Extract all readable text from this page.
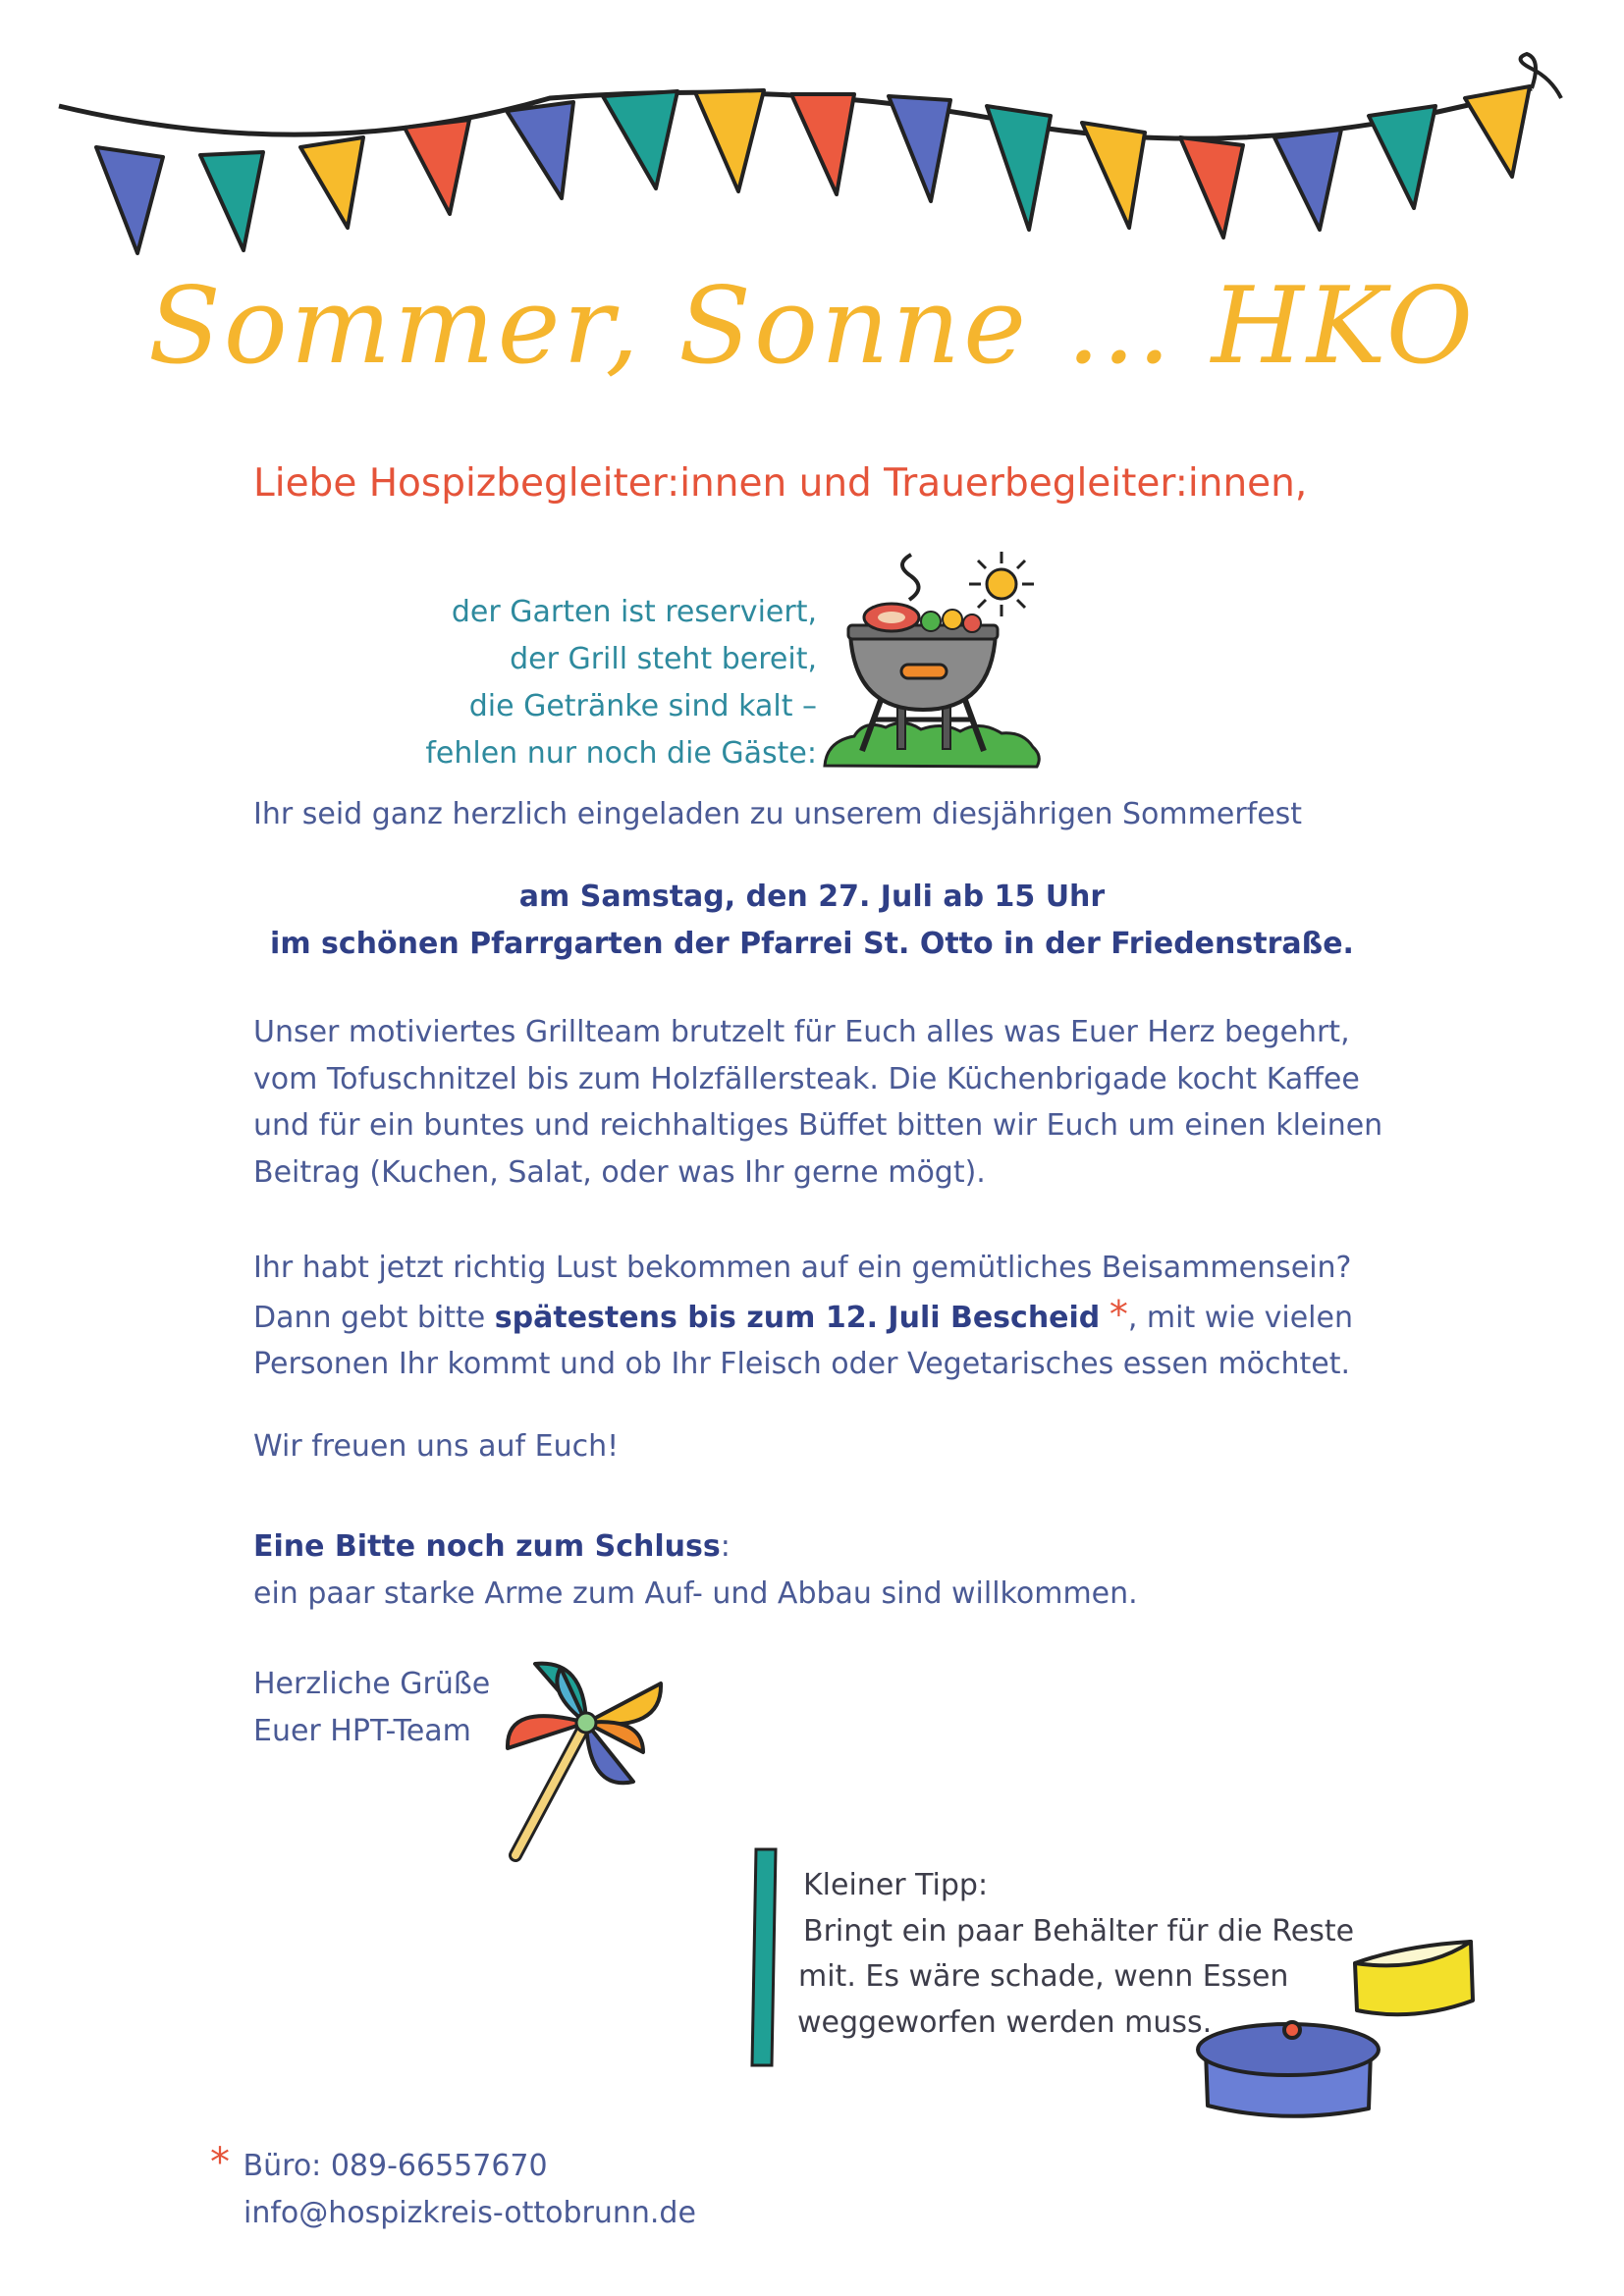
Sommer, Sonne … HKO
Liebe Hospizbegleiter:innen und Trauerbegleiter:innen,
der Garten ist reserviert,
der Grill steht bereit,
die Getränke sind kalt –
fehlen nur noch die Gäste:
Ihr seid ganz herzlich eingeladen zu unserem diesjährigen Sommerfest
am Samstag, den 27. Juli ab 15 Uhr
im schönen Pfarrgarten der Pfarrei St. Otto in der Friedenstraße.
Unser motiviertes Grillteam brutzelt für Euch alles was Euer Herz begehrt,
vom Tofuschnitzel bis zum Holzfällersteak. Die Küchenbrigade kocht Kaffee
und für ein buntes und reichhaltiges Büffet bitten wir Euch um einen kleinen
Beitrag (Kuchen, Salat, oder was Ihr gerne mögt).
Ihr habt jetzt richtig Lust bekommen auf ein gemütliches Beisammensein?
Dann gebt bitte spätestens bis zum 12. Juli Bescheid *, mit wie vielen
Personen Ihr kommt und ob Ihr Fleisch oder Vegetarisches essen möchtet.
Wir freuen uns auf Euch!
Eine Bitte noch zum Schluss:
ein paar starke Arme zum Auf- und Abbau sind willkommen.
Herzliche Grüße
Euer HPT-Team
Kleiner Tipp:
Bringt ein paar Behälter für die Reste
mit. Es wäre schade, wenn Essen
weggeworfen werden muss.
* Büro: 089-66557670
info@hospizkreis-ottobrunn.de
